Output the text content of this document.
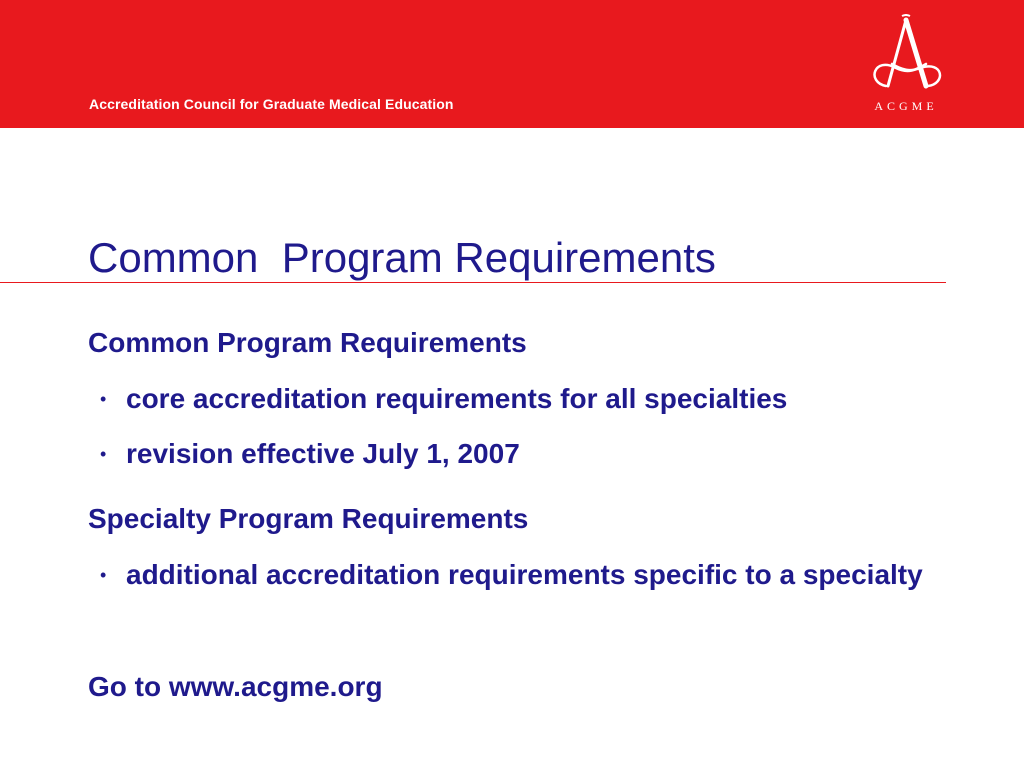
Accreditation Council for Graduate Medical Education	ACGME
Common  Program Requirements
Common Program Requirements
• core accreditation requirements for all specialties
• revision effective July 1, 2007
Specialty Program Requirements
• additional accreditation requirements specific to a specialty
Go to www.acgme.org
